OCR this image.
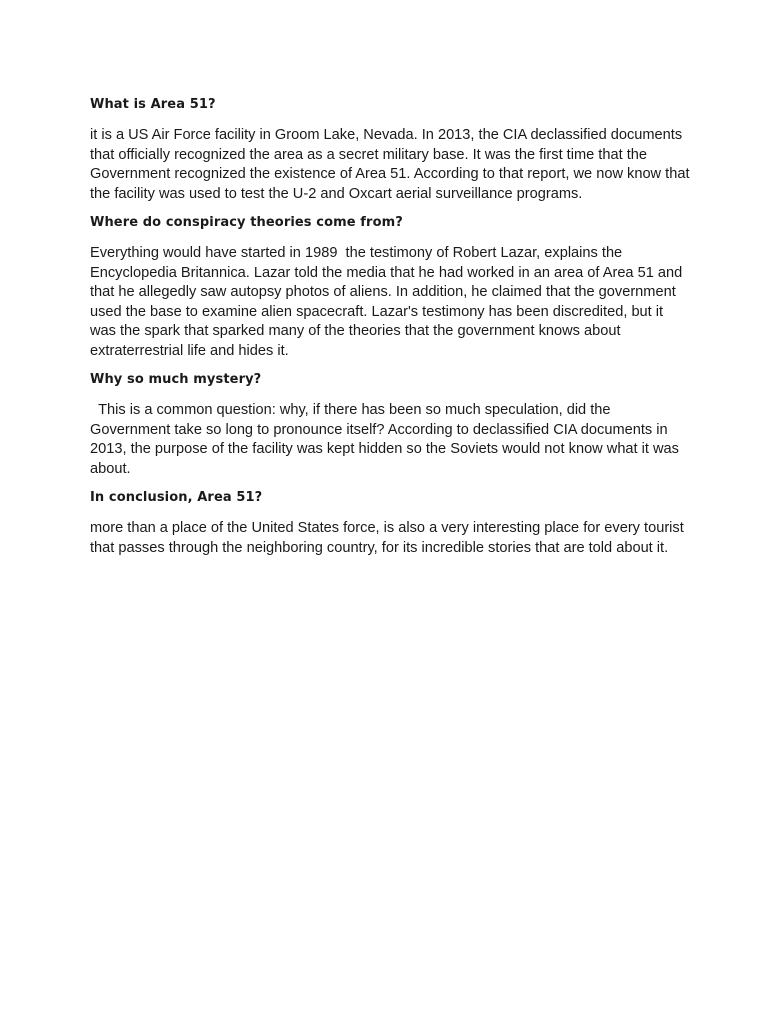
What is Area 51?
it is a US Air Force facility in Groom Lake, Nevada. In 2013, the CIA declassified documents that officially recognized the area as a secret military base. It was the first time that the Government recognized the existence of Area 51. According to that report, we now know that the facility was used to test the U-2 and Oxcart aerial surveillance programs.
Where do conspiracy theories come from?
Everything would have started in 1989  the testimony of Robert Lazar, explains the Encyclopedia Britannica. Lazar told the media that he had worked in an area of Area 51 and that he allegedly saw autopsy photos of aliens. In addition, he claimed that the government used the base to examine alien spacecraft. Lazar's testimony has been discredited, but it was the spark that sparked many of the theories that the government knows about extraterrestrial life and hides it.
Why so much mystery?
This is a common question: why, if there has been so much speculation, did the Government take so long to pronounce itself? According to declassified CIA documents in 2013, the purpose of the facility was kept hidden so the Soviets would not know what it was about.
In conclusion, Area 51?
more than a place of the United States force, is also a very interesting place for every tourist that passes through the neighboring country, for its incredible stories that are told about it.
